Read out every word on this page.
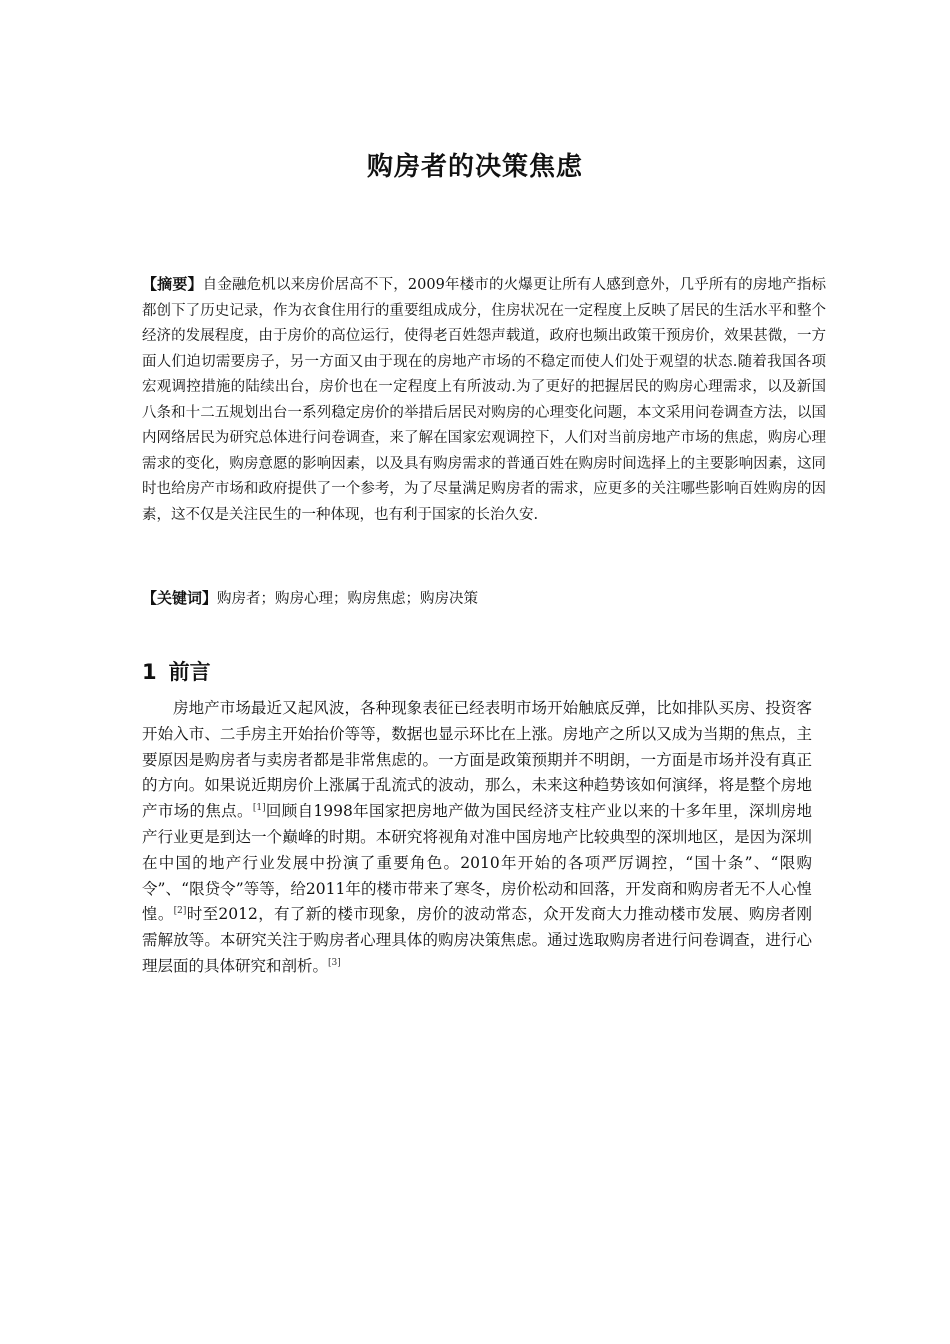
购房者的决策焦虑

【摘要】自金融危机以来房价居高不下，2009年楼市的火爆更让所有人感到意外，几乎所有的房地产指标都创下了历史记录，作为衣食住用行的重要组成成分，住房状况在一定程度上反映了居民的生活水平和整个经济的发展程度，由于房价的高位运行，使得老百姓怨声载道，政府也频出政策干预房价，效果甚微，一方面人们迫切需要房子，另一方面又由于现在的房地产市场的不稳定而使人们处于观望的状态.随着我国各项宏观调控措施的陆续出台，房价也在一定程度上有所波动.为了更好的把握居民的购房心理需求，以及新国八条和十二五规划出台一系列稳定房价的举措后居民对购房的心理变化问题，本文采用问卷调查方法，以国内网络居民为研究总体进行问卷调查，来了解在国家宏观调控下，人们对当前房地产市场的焦虑，购房心理需求的变化，购房意愿的影响因素，以及具有购房需求的普通百姓在购房时间选择上的主要影响因素，这同时也给房产市场和政府提供了一个参考，为了尽量满足购房者的需求，应更多的关注哪些影响百姓购房的因素，这不仅是关注民生的一种体现，也有利于国家的长治久安.

【关键词】购房者；购房心理；购房焦虑；购房决策

1 前言

房地产市场最近又起风波，各种现象表征已经表明市场开始触底反弹，比如排队买房、投资客开始入市、二手房主开始抬价等等，数据也显示环比在上涨。房地产之所以又成为当期的焦点，主要原因是购房者与卖房者都是非常焦虑的。一方面是政策预期并不明朗，一方面是市场并没有真正的方向。如果说近期房价上涨属于乱流式的波动，那么，未来这种趋势该如何演绎，将是整个房地产市场的焦点。[1]回顾自1998年国家把房地产做为国民经济支柱产业以来的十多年里，深圳房地产行业更是到达一个巅峰的时期。本研究将视角对准中国房地产比较典型的深圳地区，是因为深圳在中国的地产行业发展中扮演了重要角色。2010年开始的各项严厉调控，“国十条”、“限购令”、“限贷令”等等，给2011年的楼市带来了寒冬，房价松动和回落，开发商和购房者无不人心惶惶。[2]时至2012，有了新的楼市现象，房价的波动常态，众开发商大力推动楼市发展、购房者刚需解放等。本研究关注于购房者心理具体的购房决策焦虑。通过选取购房者进行问卷调查，进行心理层面的具体研究和剖析。[3]
